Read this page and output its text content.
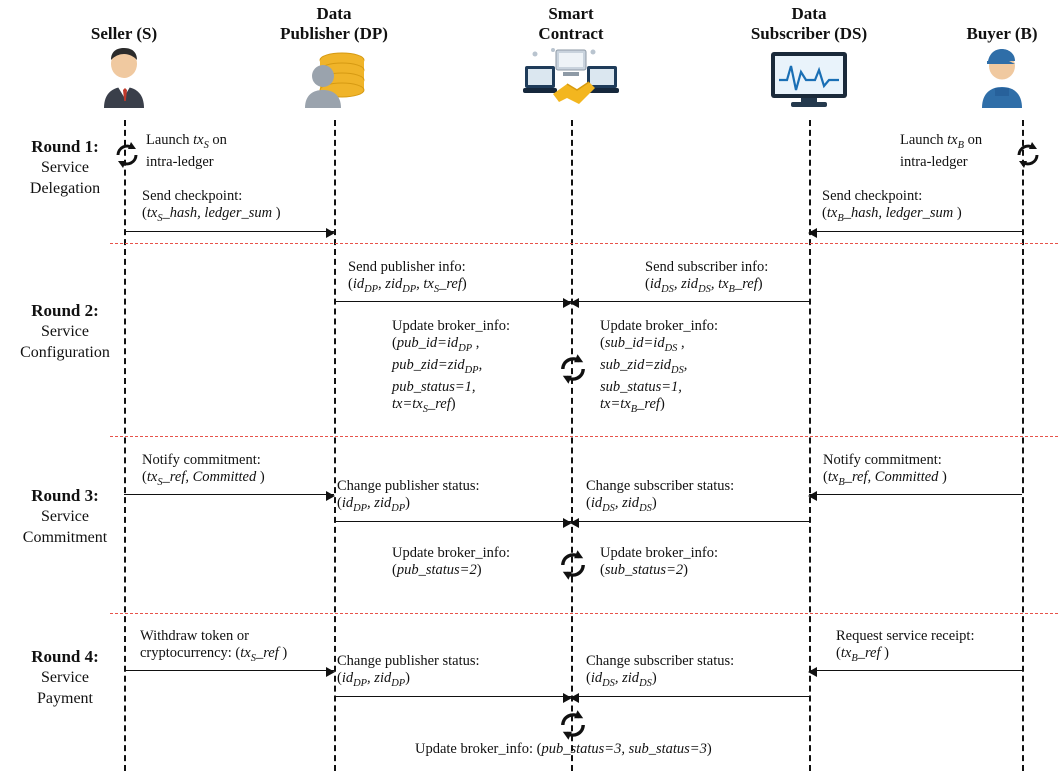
Seller (S)
Data
Publisher (DP)
Smart
Contract
Data
Subscriber (DS)	Buyer (B)
Round 1:
Service
Delegation
Round 2:
Service
Configuration
Round 3:
Service
Commitment
Round 4:
Service
Payment
Launch $tx_S$ on
intra-ledger
Launch $tx_B$ on
intra-ledger
Send checkpoint:
($tx_S\_hash$, ledger_sum )
Send checkpoint:
($tx_B\_hash$, ledger_sum )
Send publisher info:
($id_{DP}$, zid$_{DP}$, $tx_S\_ref$)
Send subscriber info:
($id_{DS}$, zid$_{DS}$, $tx_B\_ref$)
Update broker_info:
($pub\_id=id_{DP}$ ,
pub_zid=zid$_{DP}$,
pub_status=1,
$tx=tx_S\_ref$)
Update broker_info:
($sub\_id=id_{DS}$ ,
sub_zid=zid$_{DS}$,
sub_status=1,
$tx=tx_B\_ref$)
Notify commitment:
($tx_S\_ref$, Committed )
Notify commitment:
($tx_B\_ref$, Committed )
Change publisher status:
($id_{DP}$, zid$_{DP}$)
Change subscriber status:
($id_{DS}$, zid$_{DS}$)
Update broker_info:
(pub_status=2)
Update broker_info:
(sub_status=2)
Withdraw token or
cryptocurrency: ($tx_S\_ref$ )
Request service receipt:
($tx_B\_ref$ )
Change publisher status:
($id_{DP}$, zid$_{DP}$)
Change subscriber status:
($id_{DS}$, zid$_{DS}$)
Update broker_info: (pub_status=3, sub_status=3)
